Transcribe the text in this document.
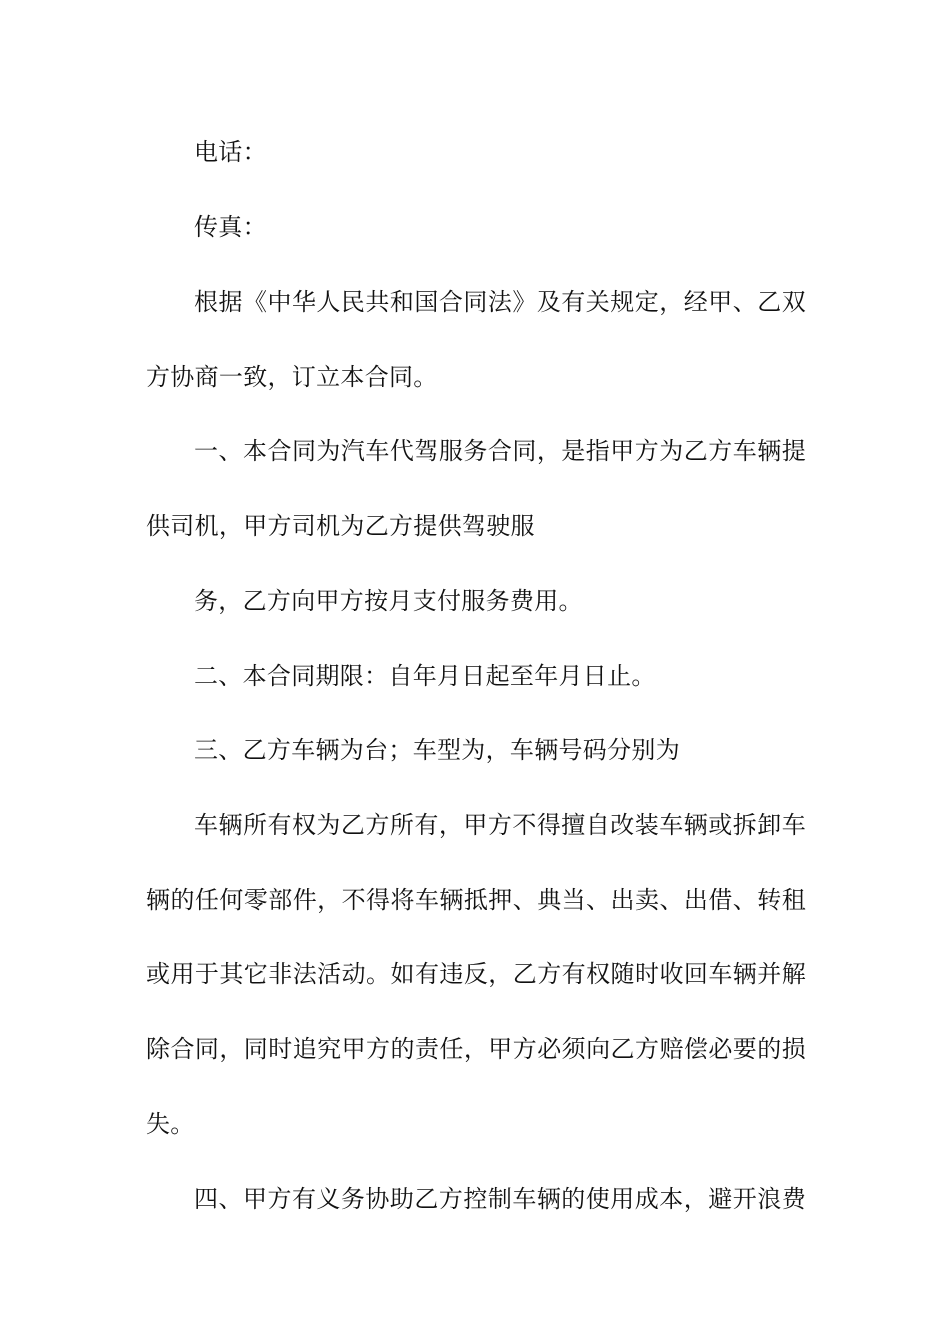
电话：
传真：
根据《中华人民共和国合同法》及有关规定，经甲、乙双
方协商一致，订立本合同。
一、本合同为汽车代驾服务合同，是指甲方为乙方车辆提
供司机，甲方司机为乙方提供驾驶服
务，乙方向甲方按月支付服务费用。
二、本合同期限：自年月日起至年月日止。
三、乙方车辆为台；车型为，车辆号码分别为
车辆所有权为乙方所有，甲方不得擅自改装车辆或拆卸车
辆的任何零部件，不得将车辆抵押、典当、出卖、出借、转租
或用于其它非法活动。如有违反，乙方有权随时收回车辆并解
除合同，同时追究甲方的责任，甲方必须向乙方赔偿必要的损
失。
四、甲方有义务协助乙方控制车辆的使用成本，避开浪费
